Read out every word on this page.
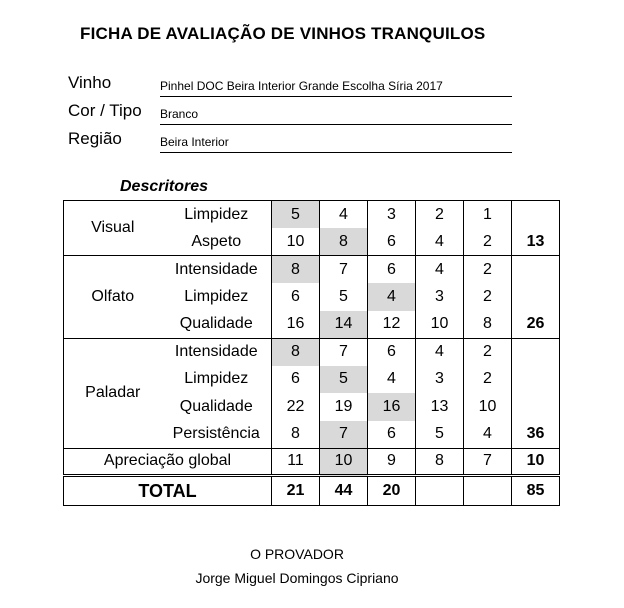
FICHA DE AVALIAÇÃO DE VINHOS TRANQUILOS
Vinho	Pinhel DOC Beira Interior Grande Escolha Síria 2017
Cor / Tipo Branco
Região	Beira Interior
Descritores
Visual	Limpidez	5	4	3	2	1	
	Aspeto	10	8	6	4	2	13
Olfato	Intensidade	8	7	6	4	2	
	Limpidez	6	5	4	3	2	
	Qualidade	16	14	12	10	8	26
Paladar	Intensidade	8	7	6	4	2	
	Limpidez	6	5	4	3	2	
	Qualidade	22	19	16	13	10	
	Persistência	8	7	6	5	4	36
Apreciação global		11	10	9	8	7	10
TOTAL		21	44	20			85
O PROVADOR
Jorge Miguel Domingos Cipriano
